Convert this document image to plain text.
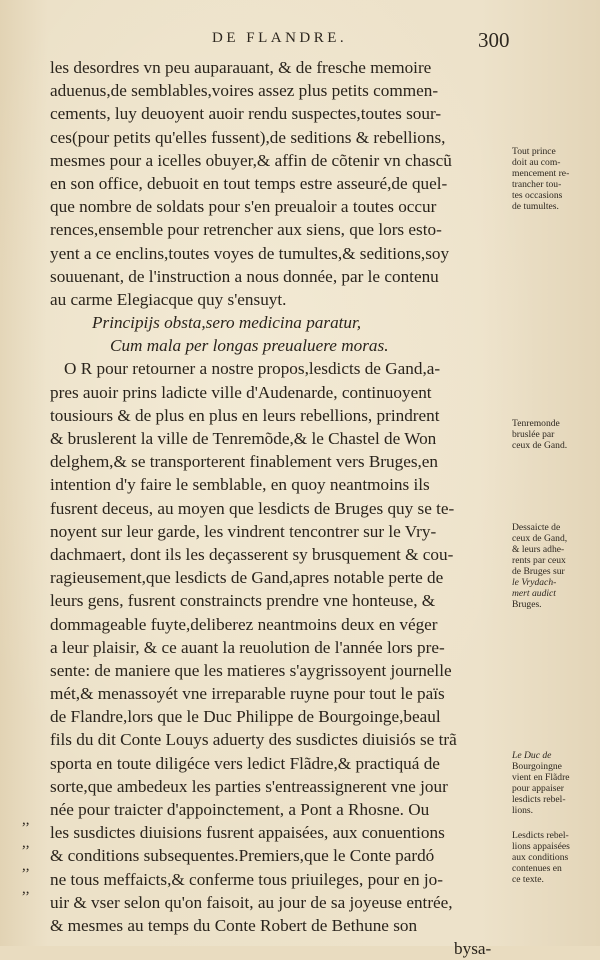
DE FLANDRE.	300
les desordres vn peu auparauant, & de fresche memoire
aduenus,de semblables,voires assez plus petits commen-
cements, luy deuoyent auoir rendu suspectes,toutes sour-
ces(pour petits qu'elles fussent),de seditions & rebellions,
mesmes pour a icelles obuyer,& affin de cõtenir vn chascũ
en son office, debuoit en tout temps estre asseuré,de quel-
que nombre de soldats pour s'en preualoir a toutes occur
rences,ensemble pour retrencher aux siens, que lors esto-
yent a ce enclins,toutes voyes de tumultes,& seditions,soy
souuenant, de l'instruction a nous donnée, par le contenu
au carme Elegiacque quy s'ensuyt.
Principijs obsta,sero medicina paratur,
Cum mala per longas preualuere moras.
O R pour retourner a nostre propos,lesdicts de Gand,a-
pres auoir prins ladicte ville d'Audenarde, continuoyent
tousiours & de plus en plus en leurs rebellions, prindrent
& bruslerent la ville de Tenremõde,& le Chastel de Won
delghem,& se transporterent finablement vers Bruges,en
intention d'y faire le semblable, en quoy neantmoins ils
fusrent deceus, au moyen que lesdicts de Bruges quy se te-
noyent sur leur garde, les vindrent tencontrer sur le Vry-
dachmaert, dont ils les deçasserent sy brusquement & cou-
ragieusement,que lesdicts de Gand,apres notable perte de
leurs gens, fusrent constraincts prendre vne honteuse, &
dommageable fuyte,deliberez neantmoins deux en véger
a leur plaisir, & ce auant la reuolution de l'année lors pre-
sente: de maniere que les matieres s'aygrissoyent journelle
mét,& menassoyét vne irreparable ruyne pour tout le païs
de Flandre,lors que le Duc Philippe de Bourgoinge,beaul
fils du dit Conte Louys aduerty des susdictes diuisiós se trã
sporta en toute diligéce vers ledict Flãdre,& practiquá de
sorte,que ambedeux les parties s'entreassignerent vne jour
née pour traicter d'appoinctement, a Pont a Rhosne. Ou
les susdictes diuisions fusrent appaisées, aux conuentions
& conditions subsequentes.Premiers,que le Conte pardó
ne tous meffaicts,& conferme tous priuileges, pour en jo-
uir & vser selon qu'on faisoit, au jour de sa joyeuse entrée,
& mesmes au temps du Conte Robert de Bethune son
bysa-
,,
,,
,,
,,
Tout prince
doit au com-
mencement re-
trancher tou-
tes occasions
de tumultes.
Tenremonde
bruslée par
ceux de Gand.
Dessaicte de
ceux de Gand,
& leurs adhe-
rents par ceux
de Bruges sur
le Vrydach-
mert audict
Bruges.
Le Duc de
Bourgoingne
vient en Flãdre
pour appaiser
lesdicts rebel-
lions.
Lesdicts rebel-
lions appaisées
aux conditions
contenues en
ce texte.
